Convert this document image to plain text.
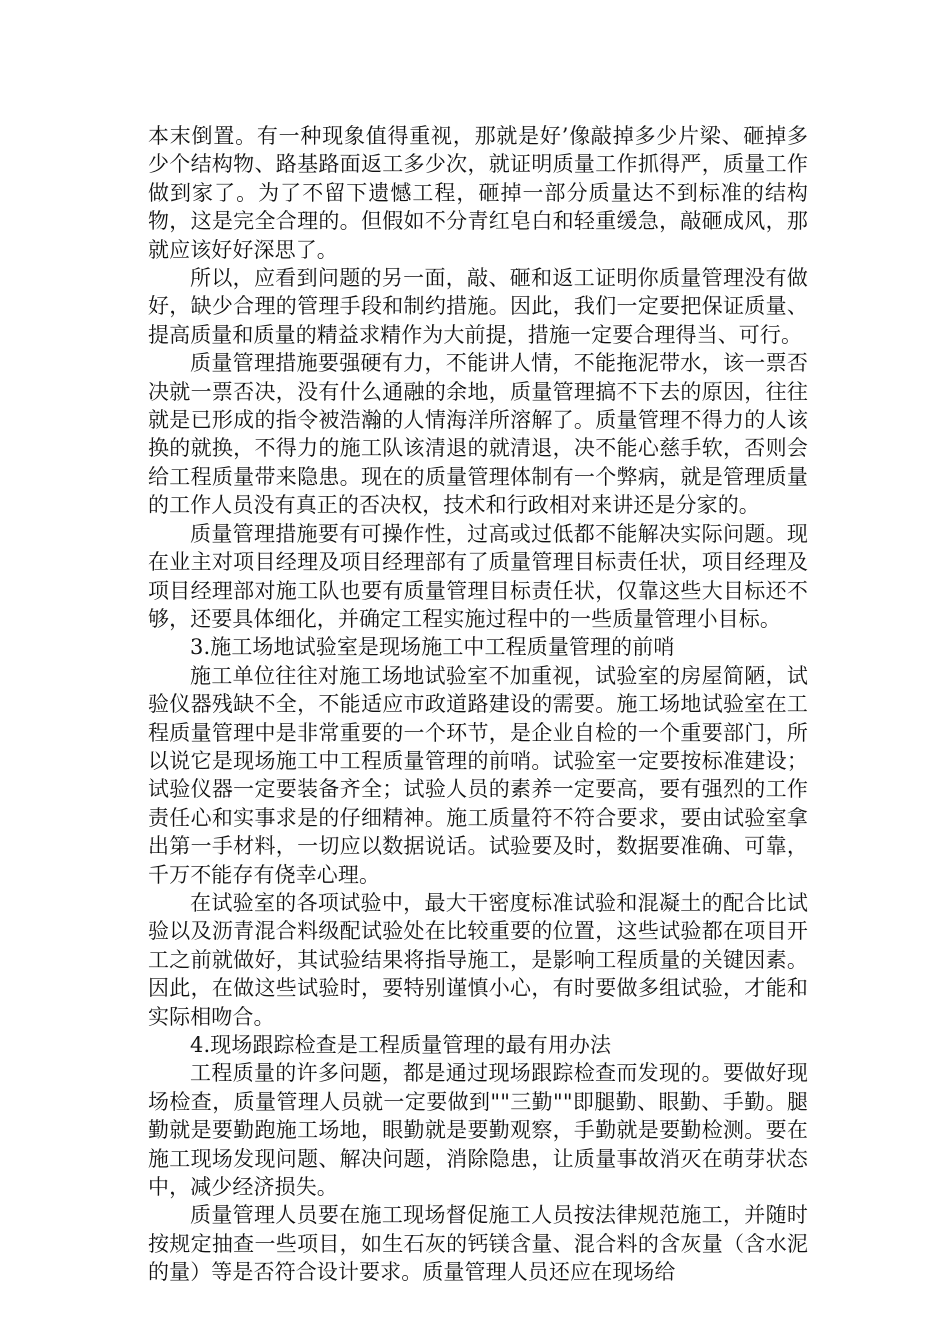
本末倒置。有一种现象值得重视，那就是好’像敲掉多少片梁、砸掉多少个结构物、路基路面返工多少次，就证明质量工作抓得严，质量工作做到家了。为了不留下遗憾工程，砸掉一部分质量达不到标准的结构物，这是完全合理的。但假如不分青红皂白和轻重缓急，敲砸成风，那就应该好好深思了。

所以，应看到问题的另一面，敲、砸和返工证明你质量管理没有做好，缺少合理的管理手段和制约措施。因此，我们一定要把保证质量、提高质量和质量的精益求精作为大前提，措施一定要合理得当、可行。

质量管理措施要强硬有力，不能讲人情，不能拖泥带水，该一票否决就一票否决，没有什么通融的余地，质量管理搞不下去的原因，往往就是已形成的指令被浩瀚的人情海洋所溶解了。质量管理不得力的人该换的就换，不得力的施工队该清退的就清退，决不能心慈手软，否则会给工程质量带来隐患。现在的质量管理体制有一个弊病，就是管理质量的工作人员没有真正的否决权，技术和行政相对来讲还是分家的。

质量管理措施要有可操作性，过高或过低都不能解决实际问题。现在业主对项目经理及项目经理部有了质量管理目标责任状，项目经理及项目经理部对施工队也要有质量管理目标责任状，仅靠这些大目标还不够，还要具体细化，并确定工程实施过程中的一些质量管理小目标。

3.施工场地试验室是现场施工中工程质量管理的前哨

施工单位往往对施工场地试验室不加重视，试验室的房屋简陋，试验仪器残缺不全，不能适应市政道路建设的需要。施工场地试验室在工程质量管理中是非常重要的一个环节，是企业自检的一个重要部门，所以说它是现场施工中工程质量管理的前哨。试验室一定要按标准建设；试验仪器一定要装备齐全；试验人员的素养一定要高，要有强烈的工作责任心和实事求是的仔细精神。施工质量符不符合要求，要由试验室拿出第一手材料，一切应以数据说话。试验要及时，数据要准确、可靠，千万不能存有侥幸心理。

在试验室的各项试验中，最大干密度标准试验和混凝土的配合比试验以及沥青混合料级配试验处在比较重要的位置，这些试验都在项目开工之前就做好，其试验结果将指导施工，是影响工程质量的关键因素。因此，在做这些试验时，要特别谨慎小心，有时要做多组试验，才能和实际相吻合。

4.现场跟踪检查是工程质量管理的最有用办法

工程质量的许多问题，都是通过现场跟踪检查而发现的。要做好现场检查，质量管理人员就一定要做到""三勤""即腿勤、眼勤、手勤。腿勤就是要勤跑施工场地，眼勤就是要勤观察，手勤就是要勤检测。要在施工现场发现问题、解决问题，消除隐患，让质量事故消灭在萌芽状态中，减少经济损失。

质量管理人员要在施工现场督促施工人员按法律规范施工，并随时按规定抽查一些项目，如生石灰的钙镁含量、混合料的含灰量（含水泥的量）等是否符合设计要求。质量管理人员还应在现场给
